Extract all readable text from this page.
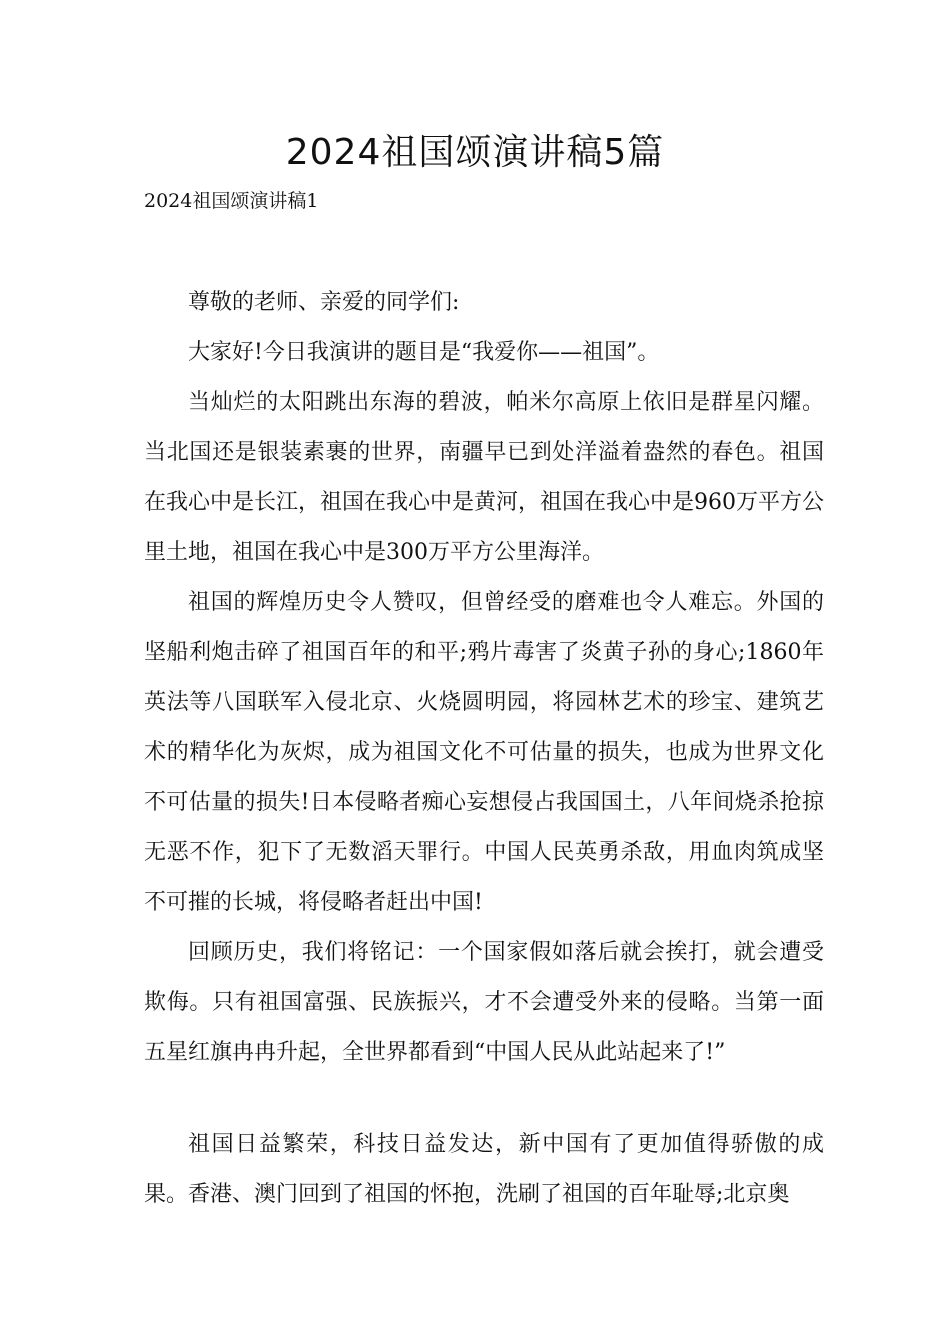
2024祖国颂演讲稿5篇
2024祖国颂演讲稿1

尊敬的老师、亲爱的同学们:

大家好!今日我演讲的题目是“我爱你——祖国”。

当灿烂的太阳跳出东海的碧波，帕米尔高原上依旧是群星闪耀。当北国还是银装素裹的世界，南疆早已到处洋溢着盎然的春色。祖国在我心中是长江，祖国在我心中是黄河，祖国在我心中是960万平方公里土地，祖国在我心中是300万平方公里海洋。

祖国的辉煌历史令人赞叹，但曾经受的磨难也令人难忘。外国的坚船利炮击碎了祖国百年的和平;鸦片毒害了炎黄子孙的身心;1860年英法等八国联军入侵北京、火烧圆明园，将园林艺术的珍宝、建筑艺术的精华化为灰烬，成为祖国文化不可估量的损失，也成为世界文化不可估量的损失!日本侵略者痴心妄想侵占我国国土，八年间烧杀抢掠无恶不作，犯下了无数滔天罪行。中国人民英勇杀敌，用血肉筑成坚不可摧的长城，将侵略者赶出中国!

回顾历史，我们将铭记：一个国家假如落后就会挨打，就会遭受欺侮。只有祖国富强、民族振兴，才不会遭受外来的侵略。当第一面五星红旗冉冉升起，全世界都看到“中国人民从此站起来了!”

祖国日益繁荣，科技日益发达，新中国有了更加值得骄傲的成果。香港、澳门回到了祖国的怀抱，洗刷了祖国的百年耻辱;北京奥
